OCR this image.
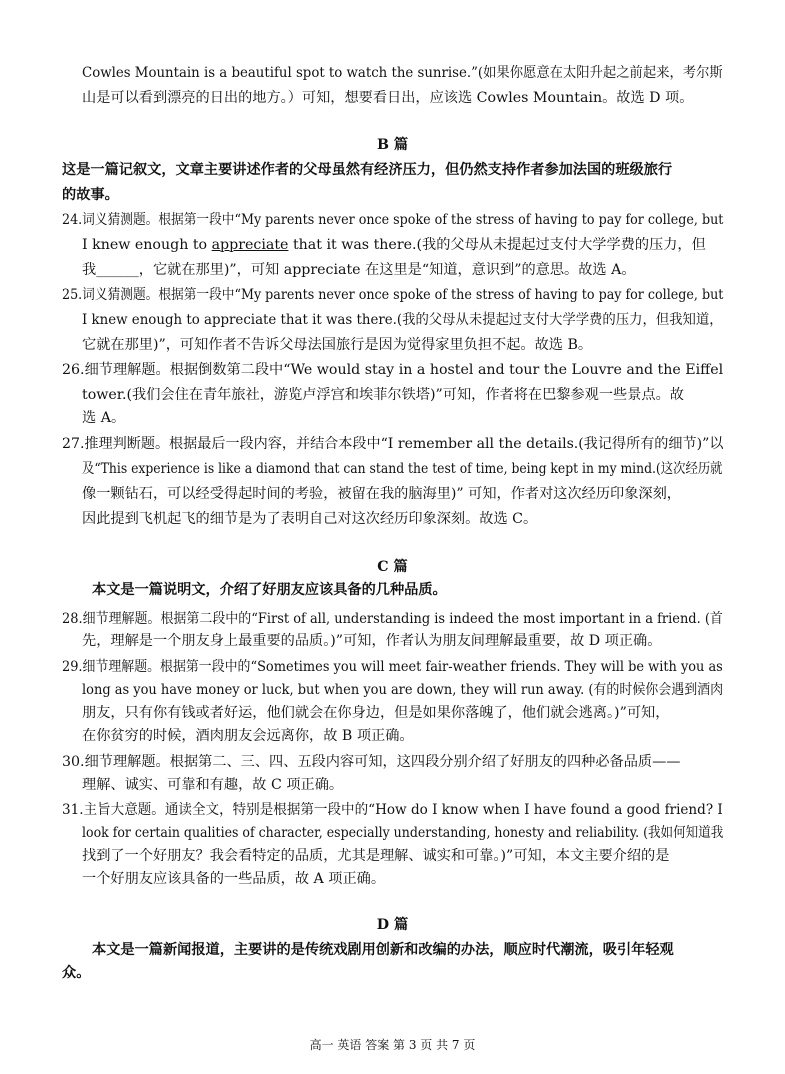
Cowles Mountain is a beautiful spot to watch the sunrise.”(如果你愿意在太阳升起之前起来，考尔斯
山是可以看到漂亮的日出的地方。）可知，想要看日出，应该选 Cowles Mountain。故选 D 项。
B 篇
这是一篇记叙文，文章主要讲述作者的父母虽然有经济压力，但仍然支持作者参加法国的班级旅行
的故事。
24.词义猜测题。根据第一段中“My parents never once spoke of the stress of having to pay for college, but
I knew enough to appreciate that it was there.(我的父母从未提起过支付大学学费的压力，但
我______，它就在那里)”，可知 appreciate 在这里是“知道，意识到”的意思。故选 A。
25.词义猜测题。根据第一段中“My parents never once spoke of the stress of having to pay for college, but
I knew enough to appreciate that it was there.(我的父母从未提起过支付大学学费的压力，但我知道，
它就在那里)”，可知作者不告诉父母法国旅行是因为觉得家里负担不起。故选 B。
26.细节理解题。根据倒数第二段中“We would stay in a hostel and tour the Louvre and the Eiffel
tower.(我们会住在青年旅社，游览卢浮宫和埃菲尔铁塔)”可知，作者将在巴黎参观一些景点。故
选 A。
27.推理判断题。根据最后一段内容，并结合本段中“I remember all the details.(我记得所有的细节)”以
及“This experience is like a diamond that can stand the test of time, being kept in my mind.(这次经历就
像一颗钻石，可以经受得起时间的考验，被留在我的脑海里)” 可知，作者对这次经历印象深刻，
因此提到飞机起飞的细节是为了表明自己对这次经历印象深刻。故选 C。
C 篇
本文是一篇说明文，介绍了好朋友应该具备的几种品质。
28.细节理解题。根据第二段中的“First of all, understanding is indeed the most important in a friend. (首
先，理解是一个朋友身上最重要的品质。)”可知，作者认为朋友间理解最重要，故 D 项正确。
29.细节理解题。根据第一段中的“Sometimes you will meet fair-weather friends. They will be with you as
long as you have money or luck, but when you are down, they will run away. (有的时候你会遇到酒肉
朋友，只有你有钱或者好运，他们就会在你身边，但是如果你落魄了，他们就会逃离。)”可知，
在你贫穷的时候，酒肉朋友会远离你，故 B 项正确。
30.细节理解题。根据第二、三、四、五段内容可知，这四段分别介绍了好朋友的四种必备品质——
理解、诚实、可靠和有趣，故 C 项正确。
31.主旨大意题。通读全文，特别是根据第一段中的“How do I know when I have found a good friend? I
look for certain qualities of character, especially understanding, honesty and reliability. (我如何知道我
找到了一个好朋友？我会看特定的品质，尤其是理解、诚实和可靠。)”可知，本文主要介绍的是
一个好朋友应该具备的一些品质，故 A 项正确。
D 篇
本文是一篇新闻报道，主要讲的是传统戏剧用创新和改编的办法，顺应时代潮流，吸引年轻观
众。
高一 英语 答案 第 3 页 共 7 页
